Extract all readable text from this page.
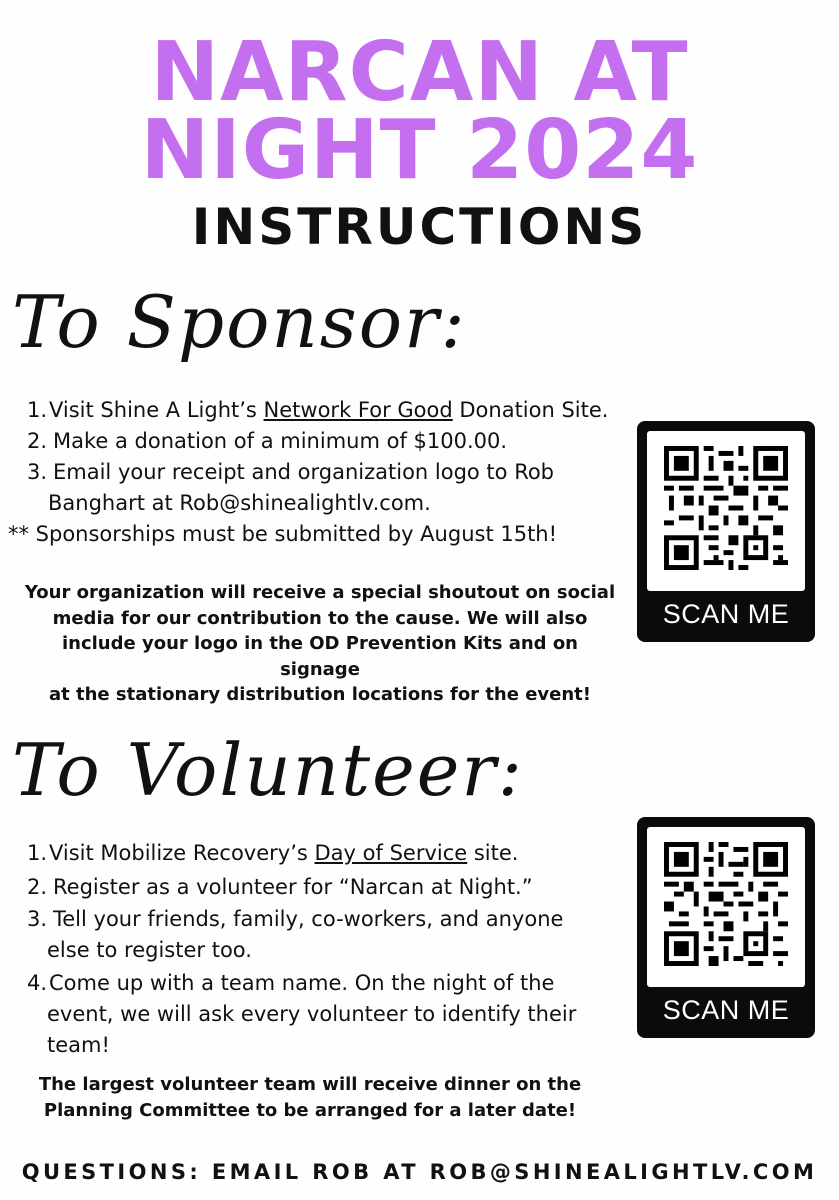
NARCAN AT
NIGHT 2024
INSTRUCTIONS
To Sponsor:
1. Visit Shine A Light’s Network For Good Donation Site.
2. Make a donation of a minimum of $100.00.
3. Email your receipt and organization logo to Rob
Banghart at Rob@shinealightlv.com.
** Sponsorships must be submitted by August 15th!
Your organization will receive a special shoutout on social
media for our contribution to the cause. We will also
include your logo in the OD Prevention Kits and on signage
at the stationary distribution locations for the event!
SCAN ME
To Volunteer:
1. Visit Mobilize Recovery’s Day of Service site.
2. Register as a volunteer for “Narcan at Night.”
3. Tell your friends, family, co-workers, and anyone
else to register too.
4. Come up with a team name. On the night of the
event, we will ask every volunteer to identify their
team!
The largest volunteer team will receive dinner on the
Planning Committee to be arranged for a later date!
SCAN ME
QUESTIONS: EMAIL ROB AT ROB@SHINEALIGHTLV.COM
